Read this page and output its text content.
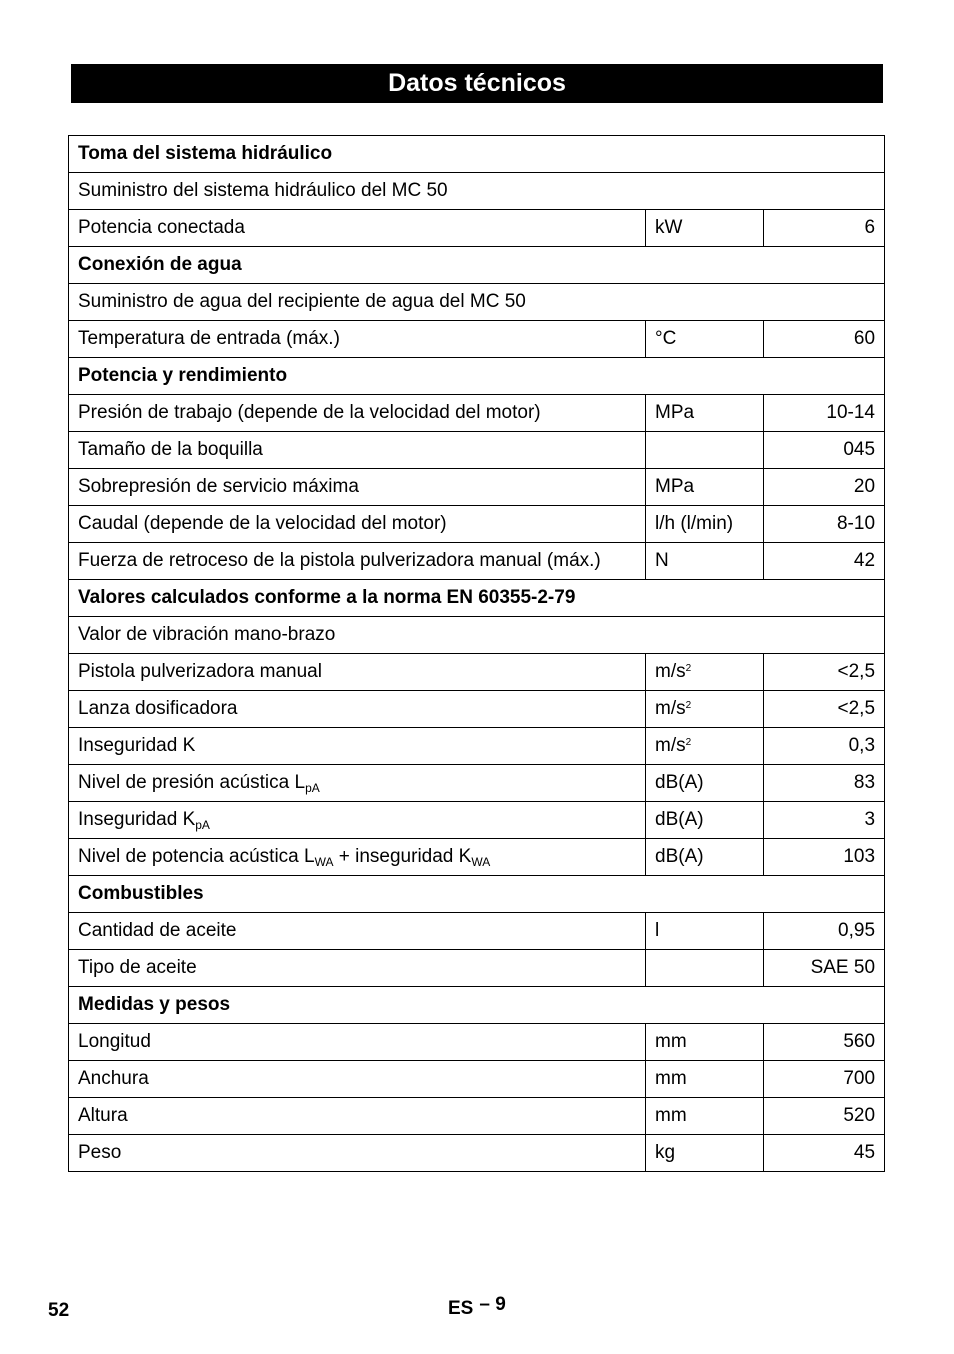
Datos técnicos
Toma del sistema hidráulico		
Suministro del sistema hidráulico del MC 50		
Potencia conectada	kW	6
Conexión de agua		
Suministro de agua del recipiente de agua del MC 50		
Temperatura de entrada (máx.)	°C	60
Potencia y rendimiento		
Presión de trabajo (depende de la velocidad del motor)	MPa	10-14
Tamaño de la boquilla		045
Sobrepresión de servicio máxima	MPa	20
Caudal (depende de la velocidad del motor)	l/h (l/min)	8-10
Fuerza de retroceso de la pistola pulverizadora manual (máx.)	N	42
Valores calculados conforme a la norma EN 60355-2-79		
Valor de vibración mano-brazo		
Pistola pulverizadora manual	$m/s^2$	<2,5
Lanza dosificadora	$m/s^2$	<2,5
Inseguridad K	$m/s^2$	0,3
Nivel de presión acústica $L_{pA}$	dB(A)	83
Inseguridad $K_{pA}$	dB(A)	3
Nivel de potencia acústica $L_{WA}$ + inseguridad $K_{WA}$	dB(A)	103
Combustibles		
Cantidad de aceite	l	0,95
Tipo de aceite		SAE 50
Medidas y pesos		
Longitud	mm	560
Anchura	mm	700
Altura	mm	520
Peso	kg	45
52	ES – 9
